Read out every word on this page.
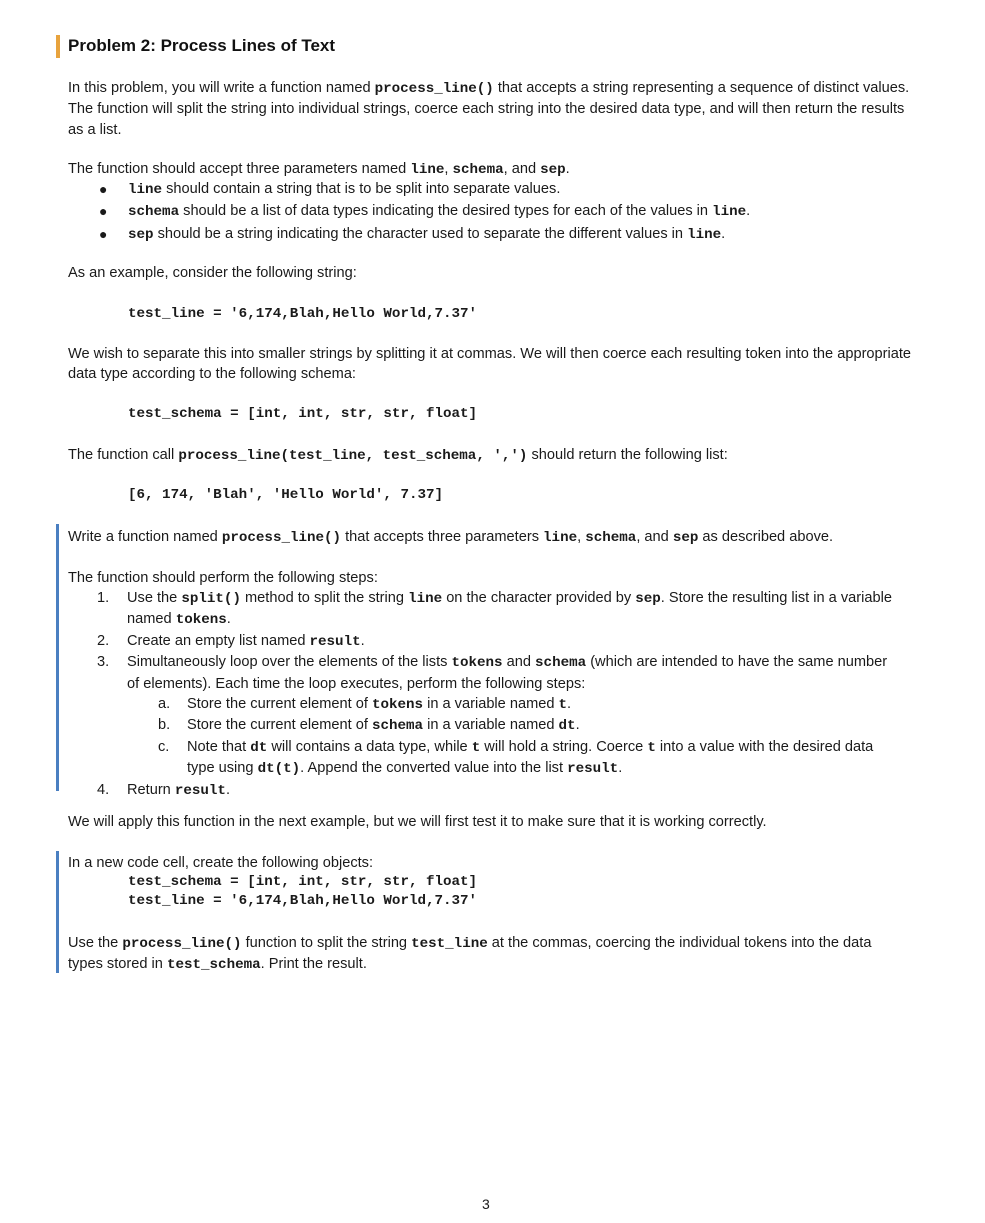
Problem 2: Process Lines of Text

In this problem, you will write a function named process_line() that accepts a string representing a sequence of distinct values. The function will split the string into individual strings, coerce each string into the desired data type, and will then return the results as a list.

The function should accept three parameters named line, schema, and sep.

● line should contain a string that is to be split into separate values.
● schema should be a list of data types indicating the desired types for each of the values in line.
● sep should be a string indicating the character used to separate the different values in line.

As an example, consider the following string:

test_line = '6,174,Blah,Hello World,7.37'

We wish to separate this into smaller strings by splitting it at commas. We will then coerce each resulting token into the appropriate data type according to the following schema:

test_schema = [int, int, str, str, float]

The function call process_line(test_line, test_schema, ',') should return the following list:

[6, 174, 'Blah', 'Hello World', 7.37]

Write a function named process_line() that accepts three parameters line, schema, and sep as described above.

The function should perform the following steps:

1. Use the split() method to split the string line on the character provided by sep. Store the resulting list in a variable named tokens.
2. Create an empty list named result.
3. Simultaneously loop over the elements of the lists tokens and schema (which are intended to have the same number of elements). Each time the loop executes, perform the following steps:
a. Store the current element of tokens in a variable named t.
b. Store the current element of schema in a variable named dt.
c. Note that dt will contains a data type, while t will hold a string. Coerce t into a value with the desired data type using dt(t). Append the converted value into the list result.
4. Return result.

We will apply this function in the next example, but we will first test it to make sure that it is working correctly.

In a new code cell, create the following objects:

test_schema = [int, int, str, str, float]
test_line = '6,174,Blah,Hello World,7.37'

Use the process_line() function to split the string test_line at the commas, coercing the individual tokens into the data types stored in test_schema. Print the result.

3
